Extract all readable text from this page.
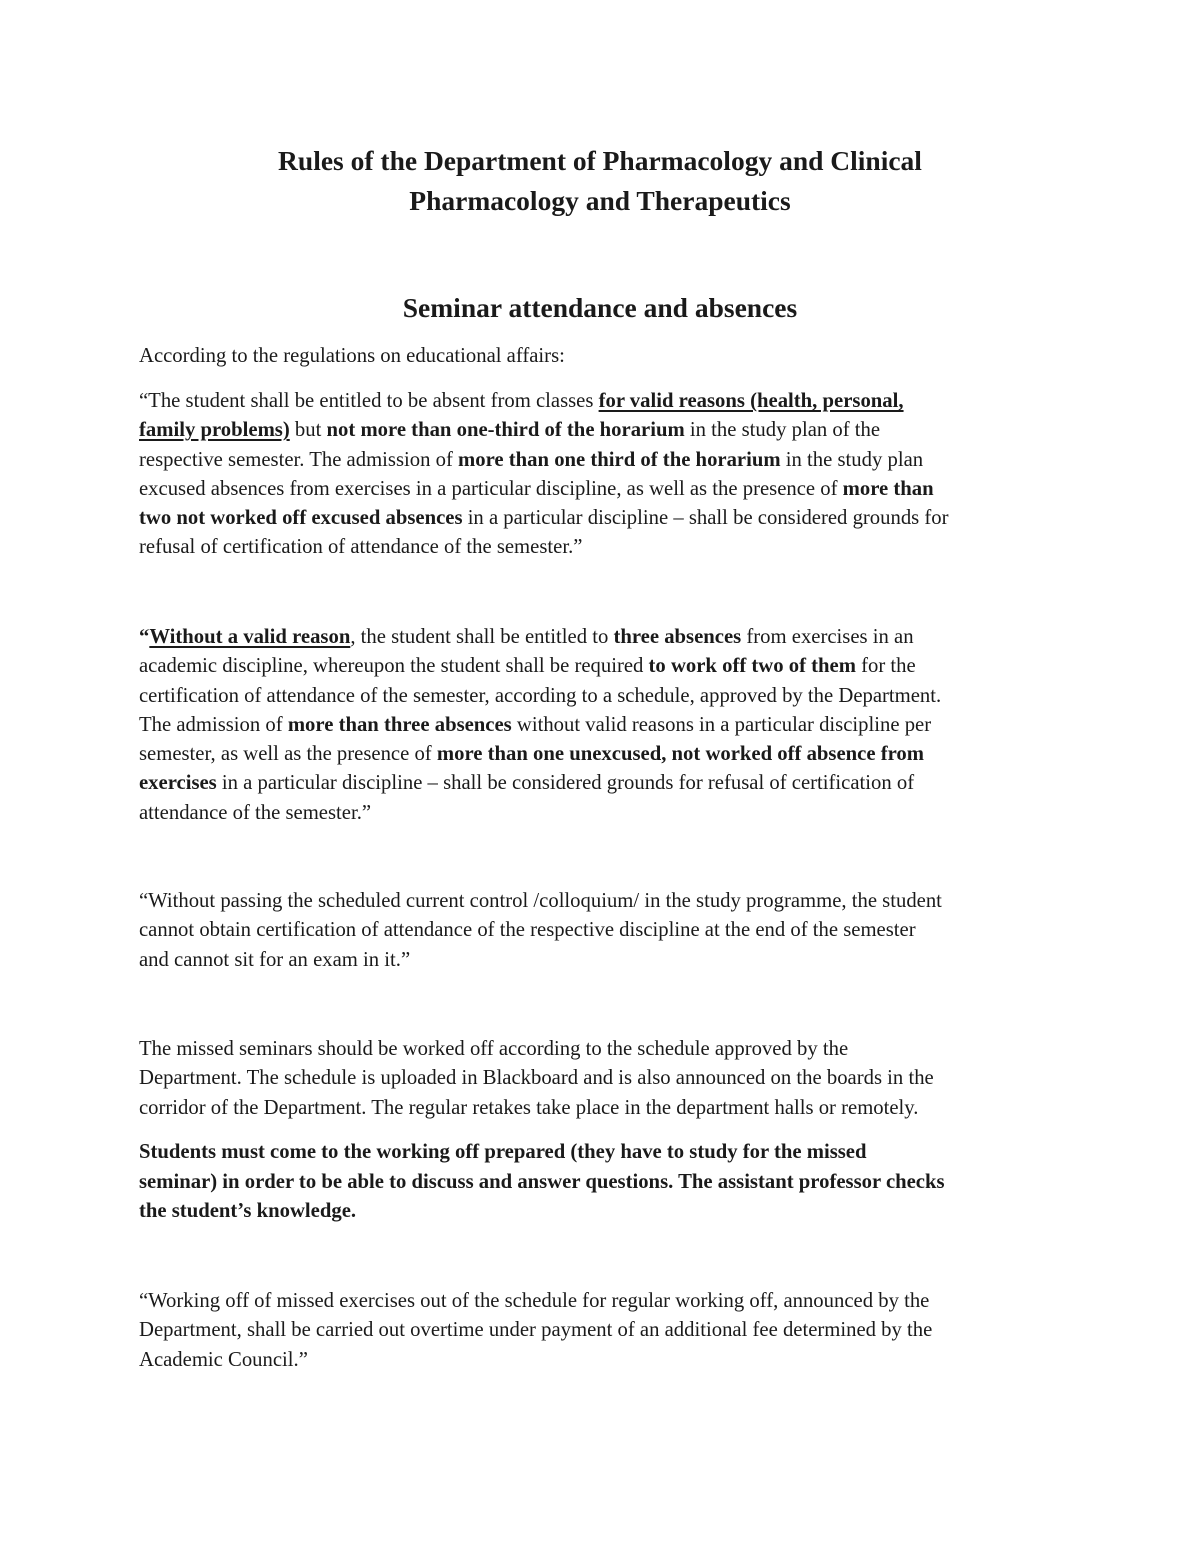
Rules of the Department of Pharmacology and Clinical
Pharmacology and Therapeutics
Seminar attendance and absences
According to the regulations on educational affairs:
“The student shall be entitled to be absent from classes for valid reasons (health, personal,
family problems) but not more than one-third of the horarium in the study plan of the
respective semester. The admission of more than one third of the horarium in the study plan
excused absences from exercises in a particular discipline, as well as the presence of more than
two not worked off excused absences in a particular discipline – shall be considered grounds for
refusal of certification of attendance of the semester.”
“Without a valid reason, the student shall be entitled to three absences from exercises in an
academic discipline, whereupon the student shall be required to work off two of them for the
certification of attendance of the semester, according to a schedule, approved by the Department.
The admission of more than three absences without valid reasons in a particular discipline per
semester, as well as the presence of more than one unexcused, not worked off absence from
exercises in a particular discipline – shall be considered grounds for refusal of certification of
attendance of the semester.”
“Without passing the scheduled current control /colloquium/ in the study programme, the student
cannot obtain certification of attendance of the respective discipline at the end of the semester
and cannot sit for an exam in it.”
The missed seminars should be worked off according to the schedule approved by the
Department. The schedule is uploaded in Blackboard and is also announced on the boards in the
corridor of the Department. The regular retakes take place in the department halls or remotely.
Students must come to the working off prepared (they have to study for the missed
seminar) in order to be able to discuss and answer questions. The assistant professor checks
the student’s knowledge.
“Working off of missed exercises out of the schedule for regular working off, announced by the
Department, shall be carried out overtime under payment of an additional fee determined by the
Academic Council.”
